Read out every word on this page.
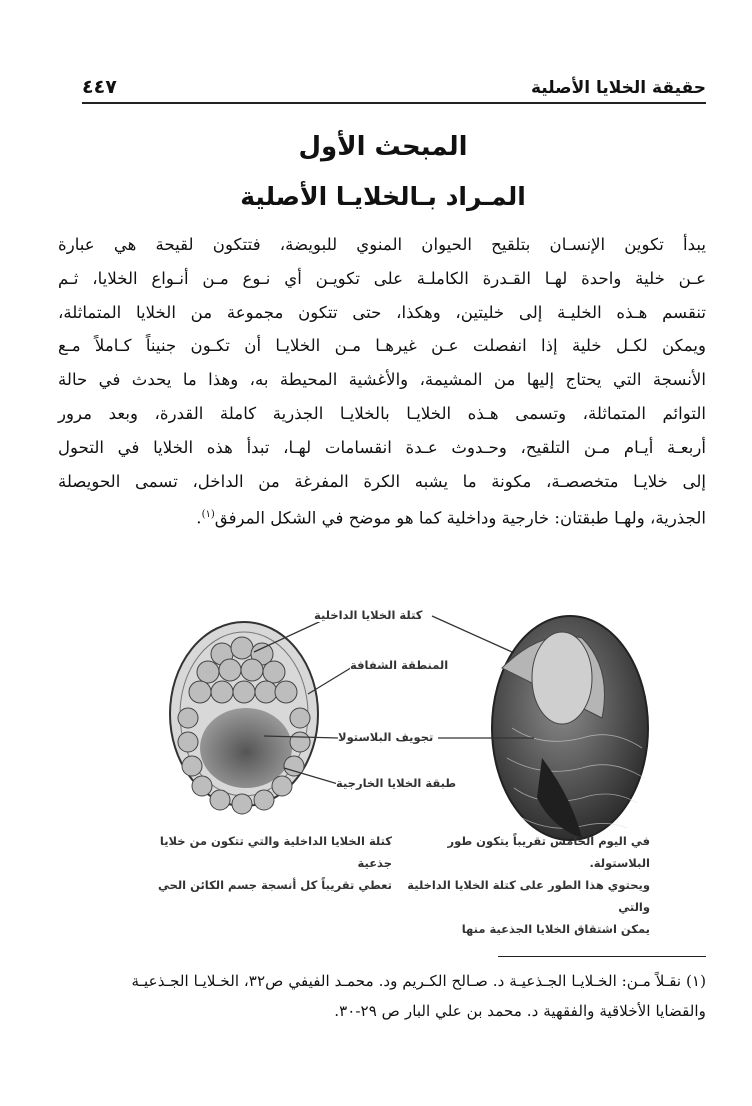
حقيقة الخلايا الأصلية
٤٤٧
المبحث الأول
المـراد بـالخلايـا الأصلية

يبدأ تكوين الإنسـان بتلقيح الحيوان المنوي للبويضة، فتتكون لقيحة هي عبارة

عـن خلية واحدة لهـا القـدرة الكاملـة على تكويـن أي نـوع مـن أنـواع الخلايا، ثـم

تنقسم هـذه الخليـة إلى خليتين، وهكذا، حتى تتكون مجموعة من الخلايا المتماثلة،

ويمكن لكـل خلية إذا انفصلت عـن غيرهـا مـن الخلايـا أن تكـون جنيناً كـاملاً مـع

الأنسجة التي يحتاج إليها من المشيمة، والأغشية المحيطة به، وهذا ما يحدث في حالة

التوائم المتماثلة، وتسمى هـذه الخلايـا بالخلايـا الجذرية كاملة القدرة، وبعد مرور

أربعـة أيـام مـن التلقيح، وحـدوث عـدة انقسامات لهـا، تبدأ هذه الخلايا في التحول

إلى خلايـا متخصصـة، مكونة ما يشبه الكرة المفرغة من الداخل، تسمى الحويصلة

الجذرية، ولهـا طبقتان: خارجية وداخلية كما هو موضح في الشكل المرفق$^{(١)}$.

كتلة الخلايا الداخلية
المنطقة الشفافة
تجويف البلاستولا
طبقة الخلايا الخارجية
كتلة الخلايا الداخلية والتي تتكون من خلايا جذعية
تعطي تقريباً كل أنسجة جسم الكائن الحي
في اليوم الخامس تقريباً يتكون طور البلاستولة.
ويحتوي هذا الطور على كتلة الخلايا الداخلية والتي
يمكن اشتقاق الخلايا الجذعية منها

(١) نقـلاً مـن: الخـلايـا الجـذعيـة د. صـالح الكـريم ود. محمـد الفيفي ص٣٢، الخـلايـا الجـذعيـة

والقضايا الأخلاقية والفقهية د. محمد بن علي البار ص ٢٩-٣٠.
